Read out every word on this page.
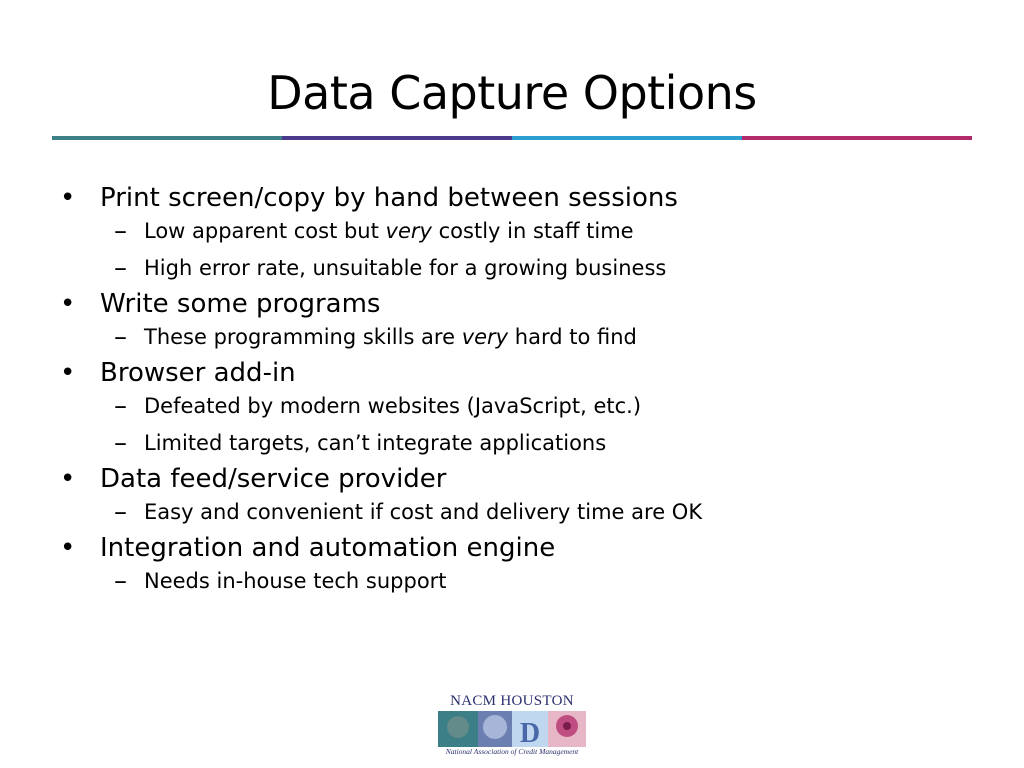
Data Capture Options
• Print screen/copy by hand between sessions
– Low apparent cost but very costly in staff time
– High error rate, unsuitable for a growing business
• Write some programs
– These programming skills are very hard to find
• Browser add-in
– Defeated by modern websites (JavaScript, etc.)
– Limited targets, can’t integrate applications
• Data feed/service provider
– Easy and convenient if cost and delivery time are OK
• Integration and automation engine
– Needs in-house tech support
NACM HOUSTON
D
National Association of Credit Management
